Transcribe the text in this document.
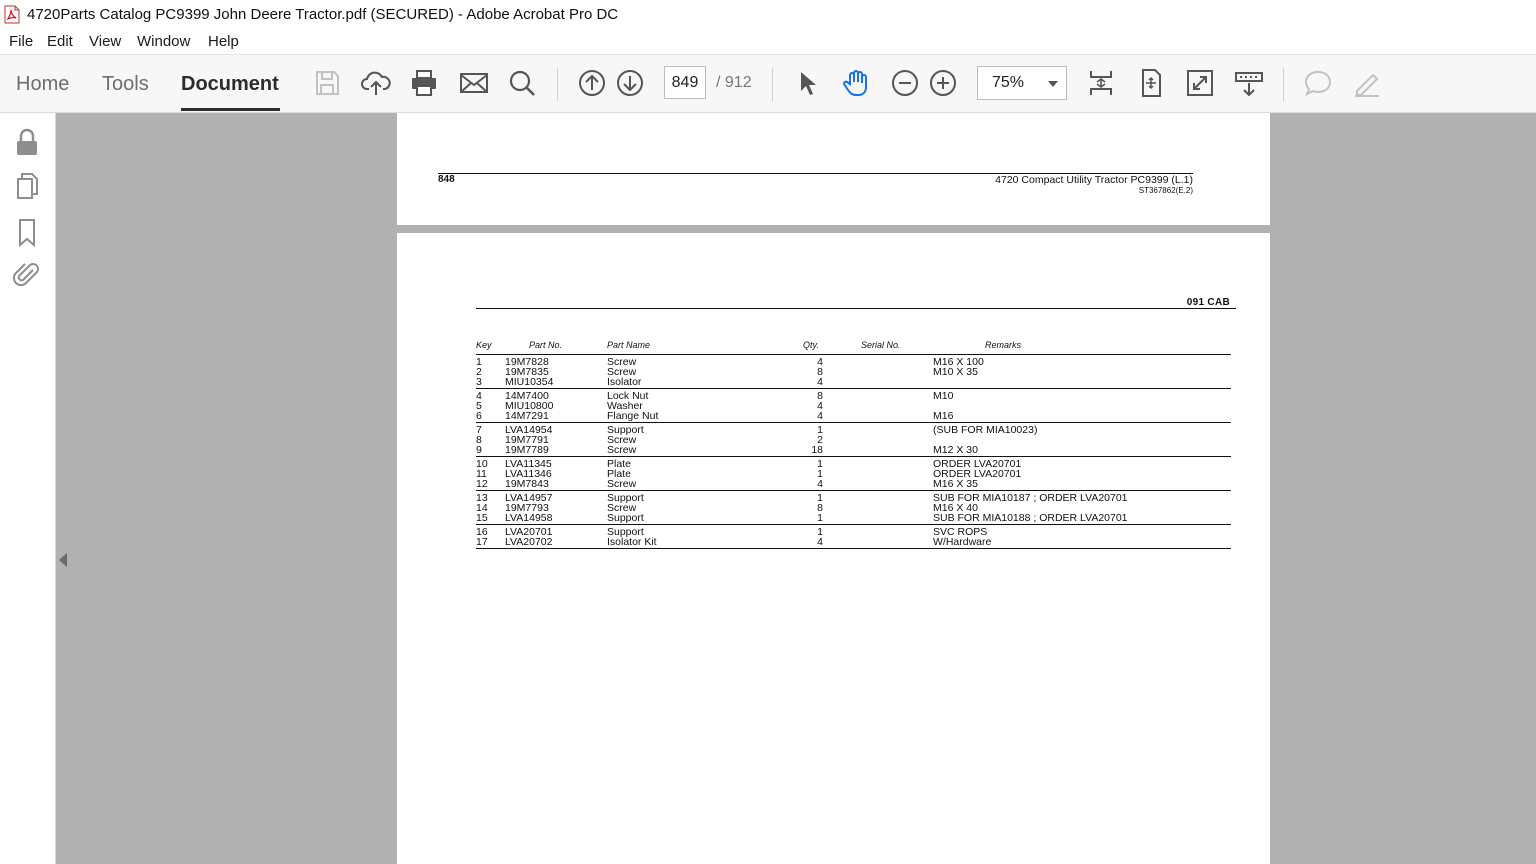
4720Parts Catalog PC9399 John Deere Tractor.pdf (SECURED) - Adobe Acrobat Pro DC
File Edit View Window Help
Home Tools Document
849	/ 912	75%
848	4720 Compact Utility Tractor PC9399 (L.1)
ST367862(E.2)
091 CAB
Key	Part No.	Part Name	Qty.	Serial No.	Remarks
1 19M7828	Screw	4	M16 X 100
2 19M7835	Screw	8	M10 X 35
3 MIU10354	Isolator	4
4 14M7400	Lock Nut	8	M10
5 MIU10800	Washer	4
6 14M7291	Flange Nut	4	M16
7 LVA14954	Support	1	(SUB FOR MIA10023)
8 19M7791	Screw	2
9 19M7789	Screw	18	M12 X 30
10 LVA11345	Plate	1	ORDER LVA20701
11 LVA11346	Plate	1	ORDER LVA20701
12 19M7843	Screw	4	M16 X 35
13 LVA14957	Support	1	SUB FOR MIA10187 ; ORDER LVA20701
14 19M7793	Screw	8	M16 X 40
15 LVA14958	Support	1	SUB FOR MIA10188 ; ORDER LVA20701
16 LVA20701	Support	1	SVC ROPS
17 LVA20702	Isolator Kit	4	W/Hardware
